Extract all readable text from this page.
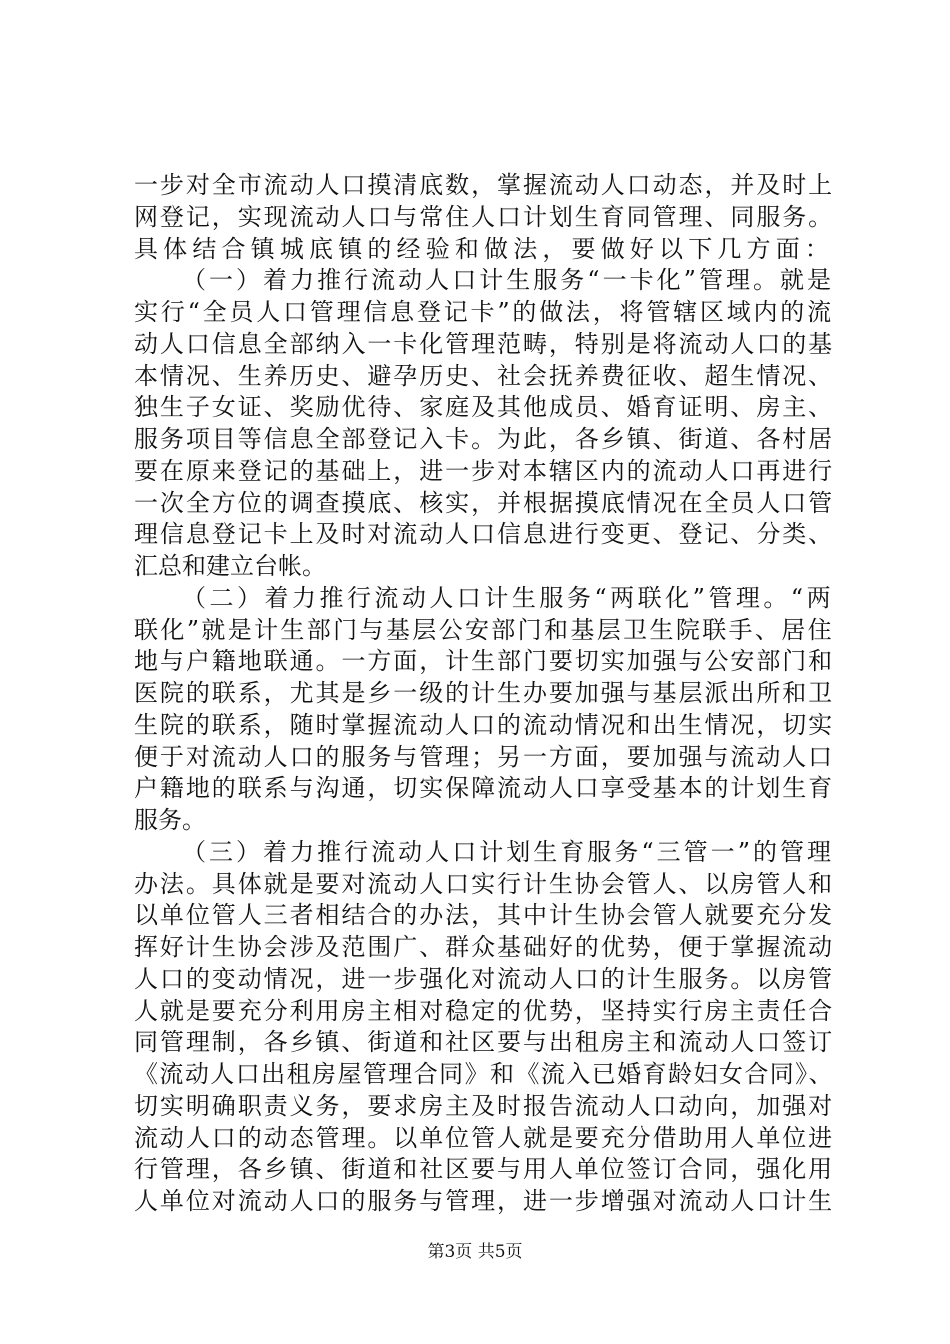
一步对全市流动人口摸清底数，掌握流动人口动态，并及时上
网登记，实现流动人口与常住人口计划生育同管理、同服务。
具体结合镇城底镇的经验和做法，要做好以下几方面：
（一）着力推行流动人口计生服务“一卡化”管理。就是
实行“全员人口管理信息登记卡”的做法，将管辖区域内的流
动人口信息全部纳入一卡化管理范畴，特别是将流动人口的基
本情况、生养历史、避孕历史、社会抚养费征收、超生情况、
独生子女证、奖励优待、家庭及其他成员、婚育证明、房主、
服务项目等信息全部登记入卡。为此，各乡镇、街道、各村居
要在原来登记的基础上，进一步对本辖区内的流动人口再进行
一次全方位的调查摸底、核实，并根据摸底情况在全员人口管
理信息登记卡上及时对流动人口信息进行变更、登记、分类、
汇总和建立台帐。
（二）着力推行流动人口计生服务“两联化”管理。“两
联化”就是计生部门与基层公安部门和基层卫生院联手、居住
地与户籍地联通。一方面，计生部门要切实加强与公安部门和
医院的联系，尤其是乡一级的计生办要加强与基层派出所和卫
生院的联系，随时掌握流动人口的流动情况和出生情况，切实
便于对流动人口的服务与管理；另一方面，要加强与流动人口
户籍地的联系与沟通，切实保障流动人口享受基本的计划生育
服务。
（三）着力推行流动人口计划生育服务“三管一”的管理
办法。具体就是要对流动人口实行计生协会管人、以房管人和
以单位管人三者相结合的办法，其中计生协会管人就要充分发
挥好计生协会涉及范围广、群众基础好的优势，便于掌握流动
人口的变动情况，进一步强化对流动人口的计生服务。以房管
人就是要充分利用房主相对稳定的优势，坚持实行房主责任合
同管理制，各乡镇、街道和社区要与出租房主和流动人口签订
《流动人口出租房屋管理合同》和《流入已婚育龄妇女合同》、
切实明确职责义务，要求房主及时报告流动人口动向，加强对
流动人口的动态管理。以单位管人就是要充分借助用人单位进
行管理，各乡镇、街道和社区要与用人单位签订合同，强化用
人单位对流动人口的服务与管理，进一步增强对流动人口计生
第3页 共5页
